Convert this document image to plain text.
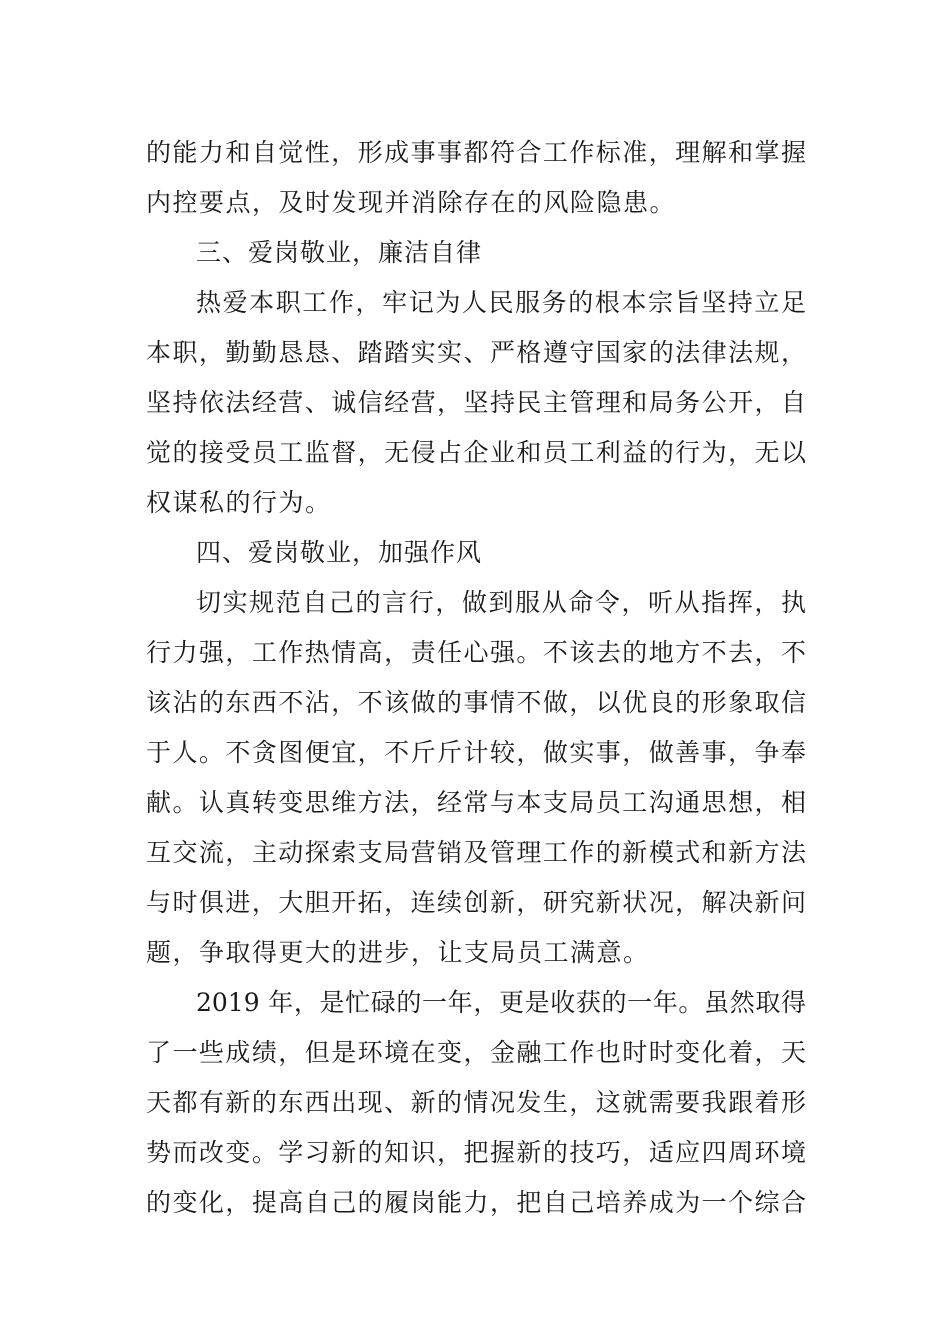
的能力和自觉性，形成事事都符合工作标准，理解和掌握
内控要点，及时发现并消除存在的风险隐患。
三、爱岗敬业，廉洁自律
热爱本职工作，牢记为人民服务的根本宗旨坚持立足
本职，勤勤恳恳、踏踏实实、严格遵守国家的法律法规，
坚持依法经营、诚信经营，坚持民主管理和局务公开，自
觉的接受员工监督，无侵占企业和员工利益的行为，无以
权谋私的行为。
四、爱岗敬业，加强作风
切实规范自己的言行，做到服从命令，听从指挥，执
行力强，工作热情高，责任心强。不该去的地方不去，不
该沾的东西不沾，不该做的事情不做，以优良的形象取信
于人。不贪图便宜，不斤斤计较，做实事，做善事，争奉
献。认真转变思维方法，经常与本支局员工沟通思想，相
互交流，主动探索支局营销及管理工作的新模式和新方法
与时俱进，大胆开拓，连续创新，研究新状况，解决新问
题，争取得更大的进步，让支局员工满意。
2019 年，是忙碌的一年，更是收获的一年。虽然取得
了一些成绩，但是环境在变，金融工作也时时变化着，天
天都有新的东西出现、新的情况发生，这就需要我跟着形
势而改变。学习新的知识，把握新的技巧，适应四周环境
的变化，提高自己的履岗能力，把自己培养成为一个综合
